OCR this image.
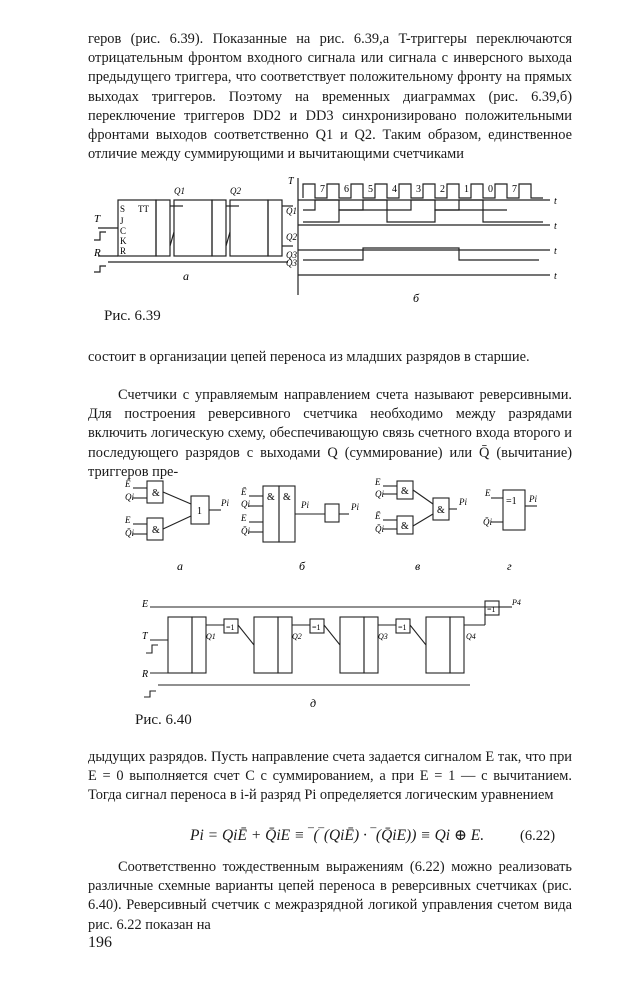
геров (рис. 6.39). Показанные на рис. 6.39,а T-триггеры переключаются отрицательным фронтом входного сигнала или сигнала с инверсного выхода предыдущего триггера, что соответствует положительному фронту на прямых выходах триггеров. Поэтому на временных диаграммах (рис. 6.39,б) переключение триггеров DD2 и DD3 синхронизировано положительными фронтами выходов соответственно Q1 и Q2. Таким образом, единственное отличие между суммирующими и вычитающими счетчиками

T
R
S TT
J
C
K
R
Q1	Q2
Q3
T
Q1
Q2
Q3
7 6 5 4 3 2 1 0 7
t
t
t
t
а
б
Рис. 6.39

состоит в организации цепей переноса из младших разрядов в старшие.

Счетчики с управляемым направлением счета называют реверсивными. Для построения реверсивного счетчика необходимо между разрядами включить логическую схему, обеспечивающую связь счетного входа второго и последующего разрядов с выходами Q (суммирование) или Q̄ (вычитание) триггеров пре-

Ē
Qi
E
Q̄i
&
&
1
Pi
Ē
Qi
E
Q̄i
& &
Pi	Pi
E
Qi
Ē
Q̄i
&
&
&
Pi
E
Q̄i
=1 Pi
а	б	в	г
E
T
R
=1	=1	=1
=1
Q1	Q2	Q3	Q4
P4
д
Рис. 6.40

дыдущих разрядов. Пусть направление счета задается сигналом E так, что при E = 0 выполняется счет C с суммированием, а при E = 1 — с вычитанием. Тогда сигнал переноса в i-й разряд Pi определяется логическим уравнением

Pi = QiĒ + Q̄iE ≡ ‾(‾(QiĒ) · ‾(Q̄iE)) ≡ Qi ⊕ E. (6.22)

Соответственно тождественным выражениям (6.22) можно реализовать различные схемные варианты цепей переноса в реверсивных счетчиках (рис. 6.40). Реверсивный счетчик с межразрядной логикой управления счетом вида рис. 6.22 показан на

196
